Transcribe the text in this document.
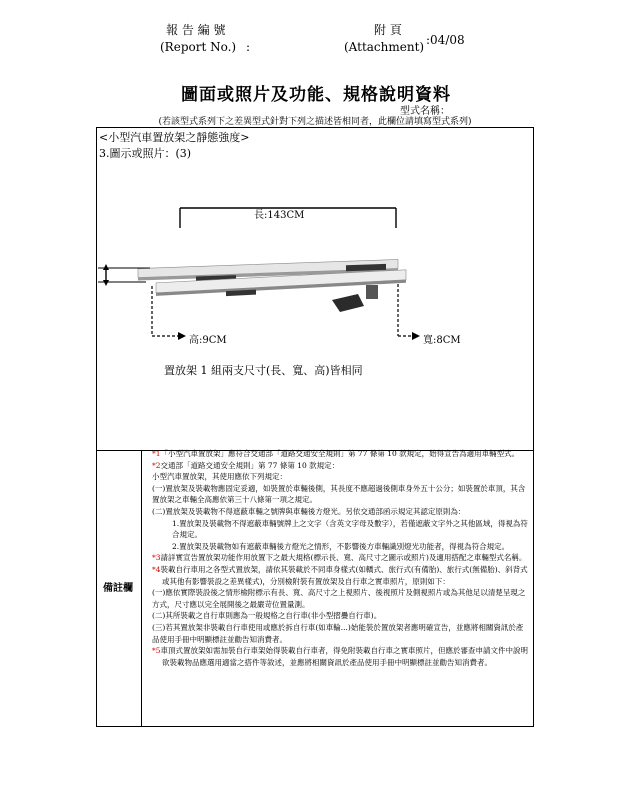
報 告 編 號
(Report No.) :
附 頁
(Attachment) :04/08
圖面或照片及功能、規格說明資料
型式名稱：
(若該型式系列下之差異型式針對下列之描述皆相同者，此欄位請填寫型式系列)
<小型汽車置放架之靜態強度>
3.圖示或照片：(3)
長:143CM
高:9CM	寬:8CM
置放架 1 組兩支尺寸(長、寬、高)皆相同
備註欄

*1「小型汽車置放架」應符合交通部「道路交通安全規則」第 77 條第 10 款規定，始得宣告為適用車輛型式。

*2交通部「道路交通安全規則」第 77 條第 10 款規定：

小型汽車置放架，其使用應依下列規定：

(一)置放架及裝載物應固定妥適，如裝置於車輛後側，其長度不應超過後側車身外五十公分；如裝置於車頂，其含置放架之車輛全高應依第三十八條第一項之規定。

(二)置放架及裝載物不得遮蔽車輛之號牌與車輛後方燈光。另依交通部函示規定其認定原則為：

1.置放架及裝載物不得遮蔽車輛號牌上之文字（含英文字母及數字），若僅遮蔽文字外之其他區域，得視為符合規定。

2.置放架及裝載物如有遮蔽車輛後方燈光之情形，不影響後方車輛識別燈光功能者，得視為符合規定。

*3請詳實宣告置放架功能作用放置下之最大規格(標示長、寬、高尺寸之圖示或照片)及適用搭配之車輛型式名稱。

*4裝載自行車用之各型式置放架，請依其裝載於不同車身樣式(如轎式、旅行式(有備胎)、旅行式(無備胎)、斜背式或其他有影響裝設之差異樣式)，分別檢附裝有置放架及自行車之實車照片，原則如下：

(一)應依實際裝設後之情形檢附標示有長、寬、高尺寸之上視照片、後視照片及側視照片或為其他足以清楚呈現之方式，尺寸應以完全展開後之最嚴苛位置量測。

(二)其所裝載之自行車則應為一般規格之自行車(非小型摺疊自行車)。

(三)若其置放架非裝載自行車使用或應於拆自行車(如車輪...)始能裝於置放架者應明確宣告，並應將相關資訊於產品使用手冊中明顯標註並勸告知消費者。

*5車頂式置放架如需加裝自行車架始得裝載自行車者，得免附裝載自行車之實車照片，但應於審查申請文件中說明欲裝載物品應選用適當之搭件等敘述，並應將相關資訊於產品使用手冊中明顯標註並勸告知消費者。
